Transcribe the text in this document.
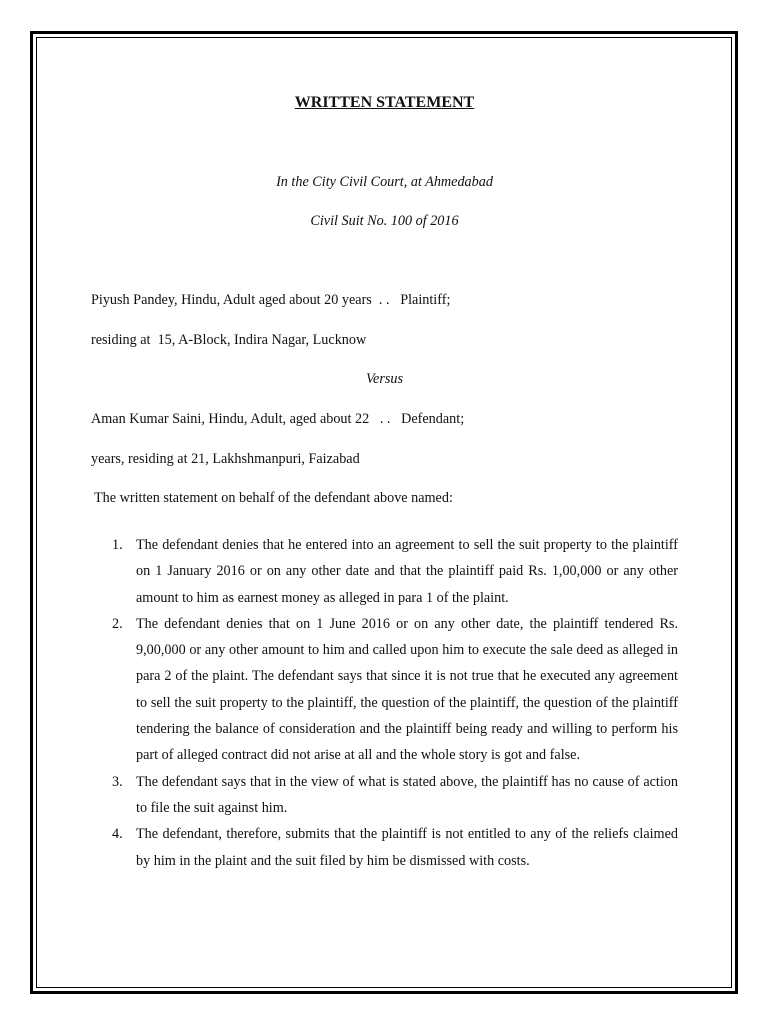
WRITTEN STATEMENT
In the City Civil Court, at Ahmedabad
Civil Suit No. 100 of 2016
Piyush Pandey, Hindu, Adult aged about 20 years  . .   Plaintiff;
residing at  15, A-Block, Indira Nagar, Lucknow
Versus
Aman Kumar Saini, Hindu, Adult, aged about 22   . .   Defendant;
years, residing at 21, Lakhshmanpuri, Faizabad
The written statement on behalf of the defendant above named:
1. The defendant denies that he entered into an agreement to sell the suit property to the plaintiff on 1 January 2016 or on any other date and that the plaintiff paid Rs. 1,00,000 or any other amount to him as earnest money as alleged in para 1 of the plaint.
2. The defendant denies that on 1 June 2016 or on any other date, the plaintiff tendered Rs. 9,00,000 or any other amount to him and called upon him to execute the sale deed as alleged in para 2 of the plaint. The defendant says that since it is not true that he executed any agreement to sell the suit property to the plaintiff, the question of the plaintiff, the question of the plaintiff tendering the balance of consideration and the plaintiff being ready and willing to perform his part of alleged contract did not arise at all and the whole story is got and false.
3. The defendant says that in the view of what is stated above, the plaintiff has no cause of action to file the suit against him.
4. The defendant, therefore, submits that the plaintiff is not entitled to any of the reliefs claimed by him in the plaint and the suit filed by him be dismissed with costs.
